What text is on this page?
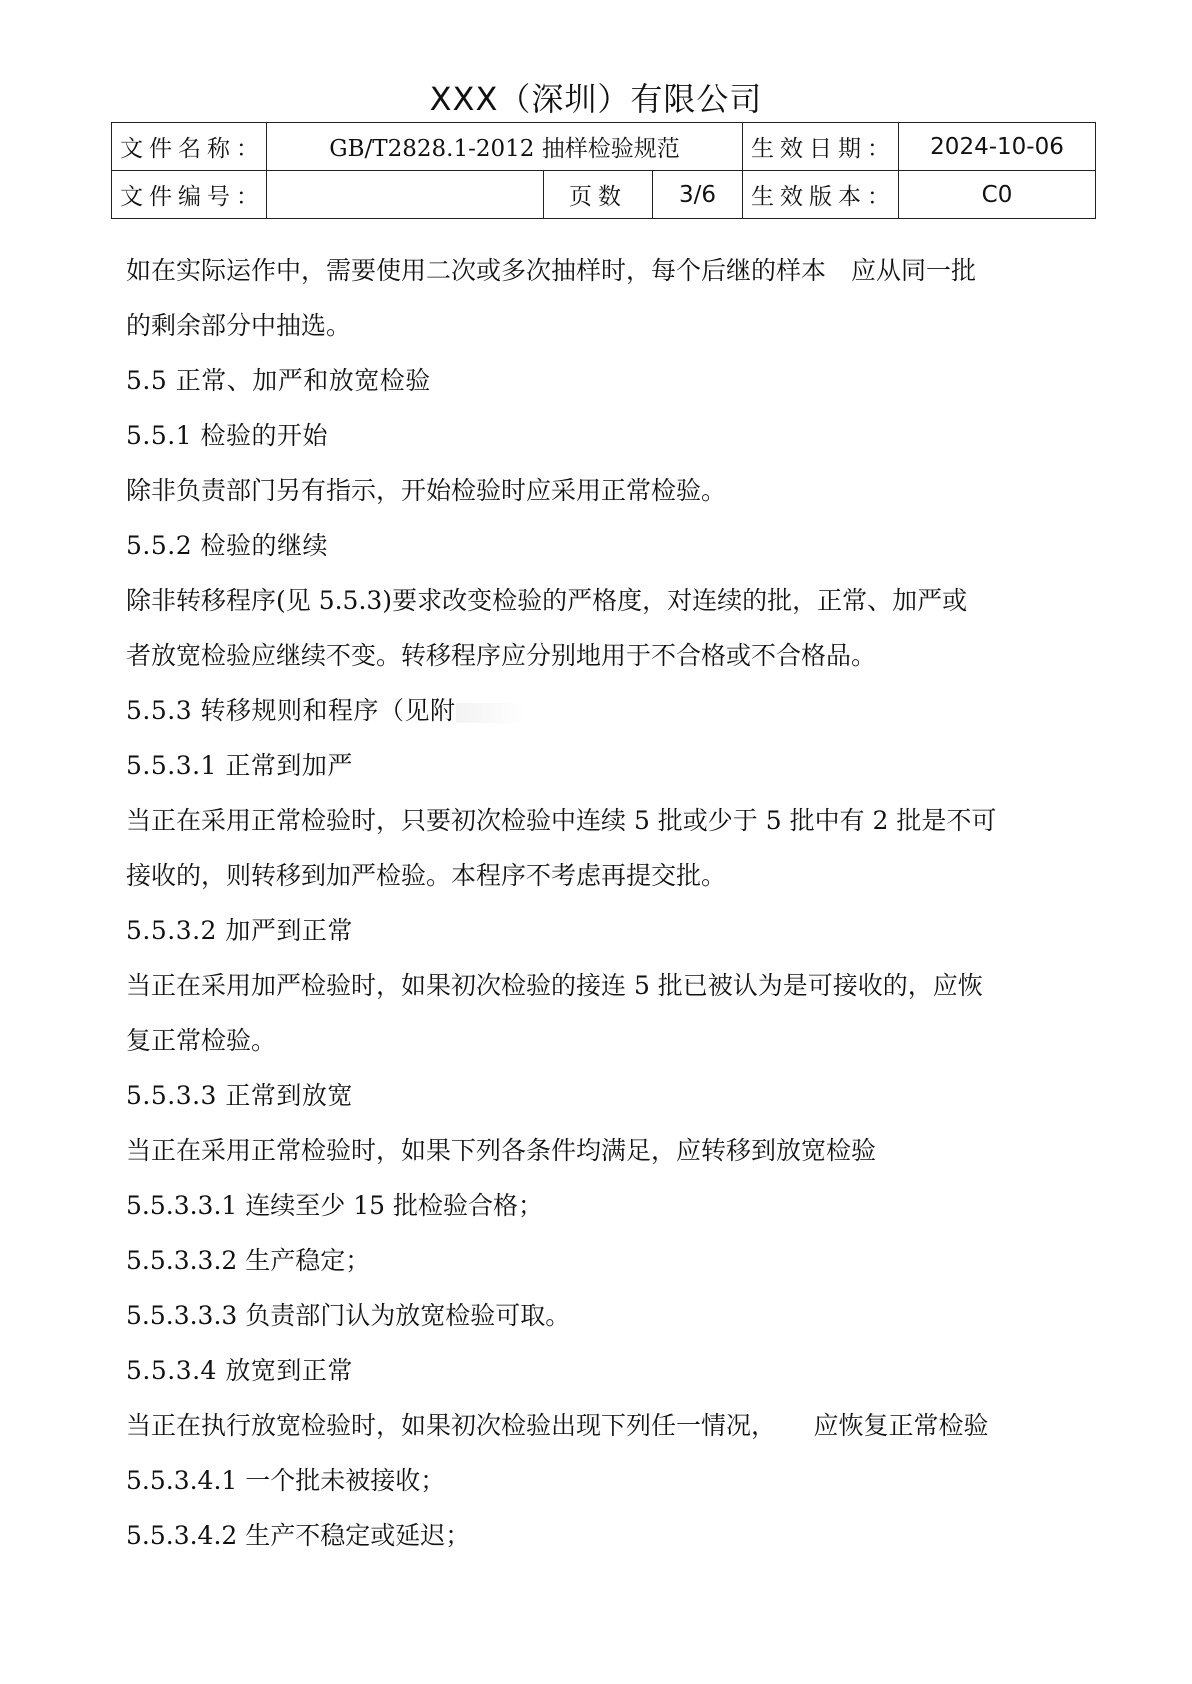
XXX（深圳）有限公司
文件名称：	GB/T2828.1-2012 抽样检验规范			生效日期：	2024-10-06
文件编号：		页数	3/6	生效版本：	C0
如在实际运作中，需要使用二次或多次抽样时，每个后继的样本　应从同一批
的剩余部分中抽选。
5.5 正常、加严和放宽检验
5.5.1 检验的开始
除非负责部门另有指示，开始检验时应采用正常检验。
5.5.2 检验的继续
除非转移程序(见 5.5.3)要求改变检验的严格度，对连续的批，正常、加严或
者放宽检验应继续不变。转移程序应分别地用于不合格或不合格品。
5.5.3 转移规则和程序（见附
5.5.3.1 正常到加严
当正在采用正常检验时，只要初次检验中连续 5 批或少于 5 批中有 2 批是不可
接收的，则转移到加严检验。本程序不考虑再提交批。
5.5.3.2 加严到正常
当正在采用加严检验时，如果初次检验的接连 5 批已被认为是可接收的，应恢
复正常检验。
5.5.3.3 正常到放宽
当正在采用正常检验时，如果下列各条件均满足，应转移到放宽检验
5.5.3.3.1 连续至少 15 批检验合格；
5.5.3.3.2 生产稳定；
5.5.3.3.3 负责部门认为放宽检验可取。
5.5.3.4 放宽到正常
当正在执行放宽检验时，如果初次检验出现下列任一情况，　　应恢复正常检验
5.5.3.4.1 一个批未被接收；
5.5.3.4.2 生产不稳定或延迟；
